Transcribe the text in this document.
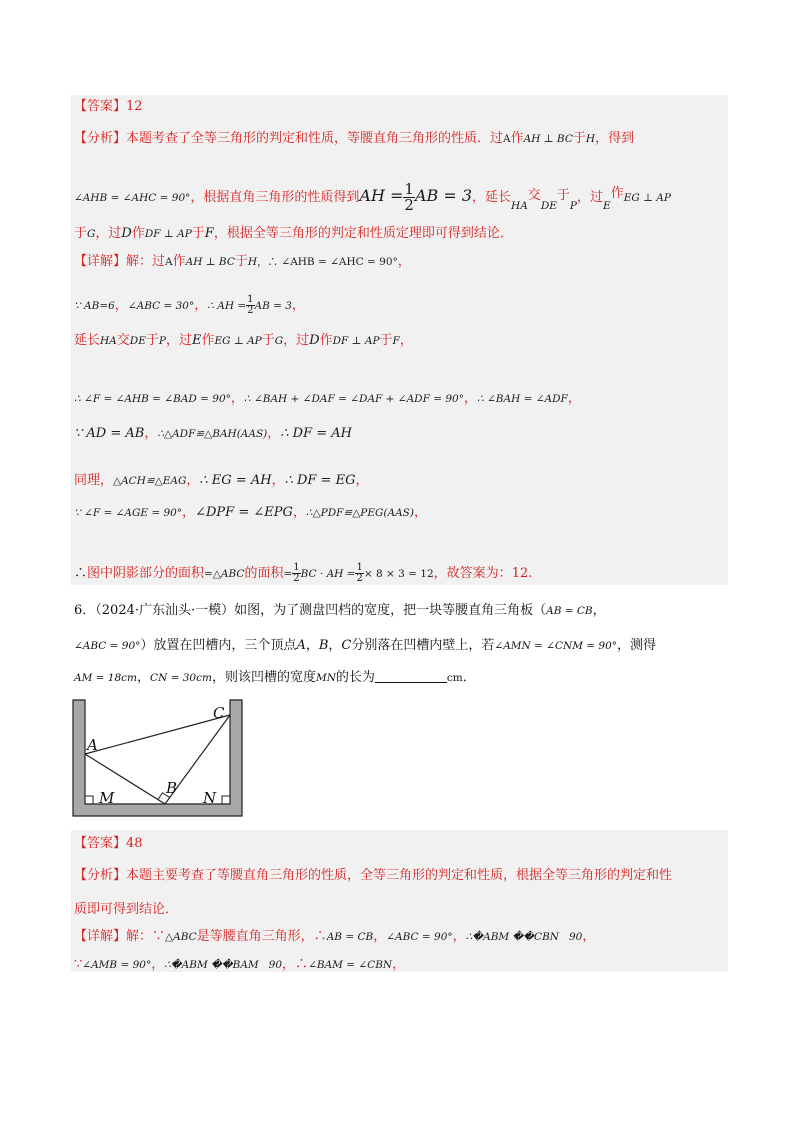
【答案】12
【分析】本题考查了全等三角形的判定和性质，等腰直角三角形的性质．过A作AH ⊥ BC于H，得到
∠AHB = ∠AHC = 90°，根据直角三角形的性质得到AH = $\frac{1}{2}$ AB = 3，延长$_{HA}$交$_{DE}$于$_P$，过$_E$作EG ⊥ AP
于G，过D作DF ⊥ AP于F，根据全等三角形的判定和性质定理即可得到结论．
【详解】解：过A作AH ⊥ BC于H，∴ ∠AHB = ∠AHC = 90°，
∵ AB=6，∠ABC = 30°，∴ AH = $\frac{1}{2}$ AB = 3，
延长HA交DE于P，过E作EG ⊥ AP于G，过D作DF ⊥ AP于F，
∴ ∠F = ∠AHB = ∠BAD = 90°，∴ ∠BAH + ∠DAF = ∠DAF + ∠ADF = 90°，∴ ∠BAH = ∠ADF，
∵ AD = AB，∴△ADF≌△BAH(AAS)，∴ DF = AH
同理，△ACH≌△EAG，∴ EG = AH，∴ DF = EG，
∵ ∠F = ∠AGE = 90°，∠DPF = ∠EPG，∴△PDF≌△PEG(AAS)，
∴图中阴影部分的面积=△ABC的面积= $\frac{1}{2}$ BC · AH = $\frac{1}{2} \times 8 \times 3 = 12$，故答案为：12.
6．（2024·广东汕头·一模）如图，为了测盘凹档的宽度，把一块等腰直角三角板（AB = CB，
∠ABC = 90°）放置在凹槽内，三个顶点A，B，C分别落在凹槽内壁上，若∠AMN = ∠CNM = 90°，测得
AM = 18cm，CN = 30cm，则该凹槽的宽度MN的长为	cm．
A
B
C
M	N
【答案】48
【分析】本题主要考查了等腰直角三角形的性质，全等三角形的判定和性质，根据全等三角形的判定和性
质即可得到结论．
【详解】解：∵△ABC是等腰直角三角形，∴AB = CB，∠ABC = 90°，∴�ABM ��CBN   90，
∵∠AMB = 90°，∴�ABM ��BAM   90，∴∠BAM = ∠CBN，
